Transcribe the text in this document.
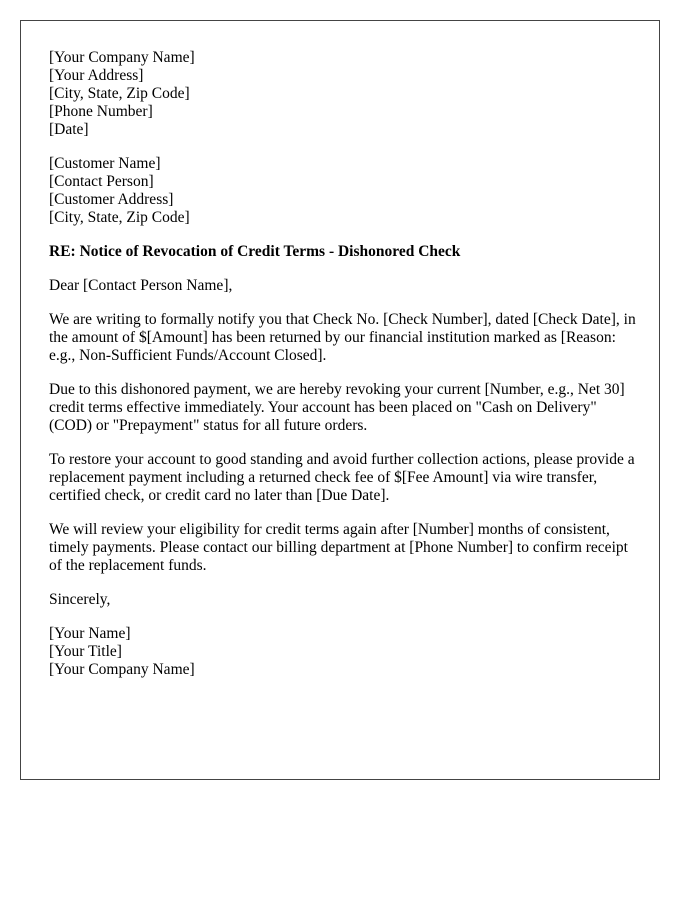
[Your Company Name]
[Your Address]
[City, State, Zip Code]
[Phone Number]
[Date]
[Customer Name]
[Contact Person]
[Customer Address]
[City, State, Zip Code]
RE: Notice of Revocation of Credit Terms - Dishonored Check

Dear [Contact Person Name],

We are writing to formally notify you that Check No. [Check Number], dated [Check Date], in the amount of $[Amount] has been returned by our financial institution marked as [Reason: e.g., Non-Sufficient Funds/Account Closed].

Due to this dishonored payment, we are hereby revoking your current [Number, e.g., Net 30] credit terms effective immediately. Your account has been placed on "Cash on Delivery" (COD) or "Prepayment" status for all future orders.

To restore your account to good standing and avoid further collection actions, please provide a replacement payment including a returned check fee of $[Fee Amount] via wire transfer, certified check, or credit card no later than [Due Date].

We will review your eligibility for credit terms again after [Number] months of consistent, timely payments. Please contact our billing department at [Phone Number] to confirm receipt of the replacement funds.

Sincerely,

[Your Name]
[Your Title]
[Your Company Name]
